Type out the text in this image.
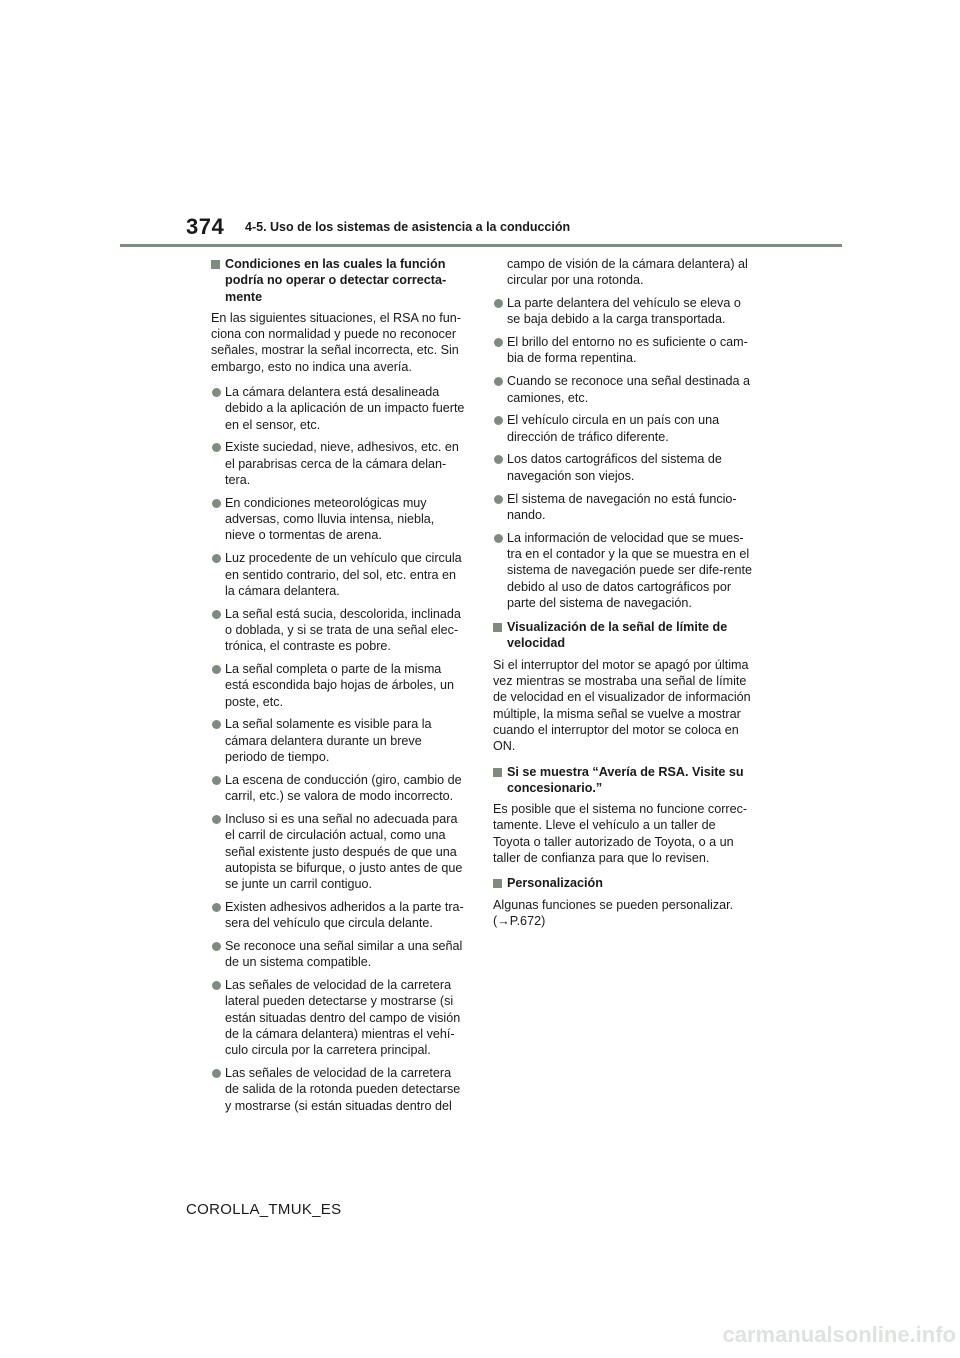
374 4-5. Uso de los sistemas de asistencia a la conducción
Condiciones en las cuales la función podría no operar o detectar correcta-mente
En las siguientes situaciones, el RSA no fun-ciona con normalidad y puede no reconocer señales, mostrar la señal incorrecta, etc. Sin embargo, esto no indica una avería.
La cámara delantera está desalineada debido a la aplicación de un impacto fuerte en el sensor, etc.
Existe suciedad, nieve, adhesivos, etc. en el parabrisas cerca de la cámara delan-tera.
En condiciones meteorológicas muy adversas, como lluvia intensa, niebla, nieve o tormentas de arena.
Luz procedente de un vehículo que circula en sentido contrario, del sol, etc. entra en la cámara delantera.
La señal está sucia, descolorida, inclinada o doblada, y si se trata de una señal elec-trónica, el contraste es pobre.
La señal completa o parte de la misma está escondida bajo hojas de árboles, un poste, etc.
La señal solamente es visible para la cámara delantera durante un breve periodo de tiempo.
La escena de conducción (giro, cambio de carril, etc.) se valora de modo incorrecto.
Incluso si es una señal no adecuada para el carril de circulación actual, como una señal existente justo después de que una autopista se bifurque, o justo antes de que se junte un carril contiguo.
Existen adhesivos adheridos a la parte tra-sera del vehículo que circula delante.
Se reconoce una señal similar a una señal de un sistema compatible.
Las señales de velocidad de la carretera lateral pueden detectarse y mostrarse (si están situadas dentro del campo de visión de la cámara delantera) mientras el vehí-culo circula por la carretera principal.
Las señales de velocidad de la carretera de salida de la rotonda pueden detectarse y mostrarse (si están situadas dentro del
campo de visión de la cámara delantera) al circular por una rotonda.
La parte delantera del vehículo se eleva o se baja debido a la carga transportada.
El brillo del entorno no es suficiente o cam-bia de forma repentina.
Cuando se reconoce una señal destinada a camiones, etc.
El vehículo circula en un país con una dirección de tráfico diferente.
Los datos cartográficos del sistema de navegación son viejos.
El sistema de navegación no está funcio-nando.
La información de velocidad que se mues-tra en el contador y la que se muestra en el sistema de navegación puede ser dife-rente debido al uso de datos cartográficos por parte del sistema de navegación.
Visualización de la señal de límite de velocidad
Si el interruptor del motor se apagó por última vez mientras se mostraba una señal de límite de velocidad en el visualizador de información múltiple, la misma señal se vuelve a mostrar cuando el interruptor del motor se coloca en ON.
Si se muestra “Avería de RSA. Visite su concesionario.”
Es posible que el sistema no funcione correc-tamente. Lleve el vehículo a un taller de Toyota o taller autorizado de Toyota, o a un taller de confianza para que lo revisen.
Personalización
Algunas funciones se pueden personalizar. (→P.672)
COROLLA_TMUK_ES
carmanualsonline.info
